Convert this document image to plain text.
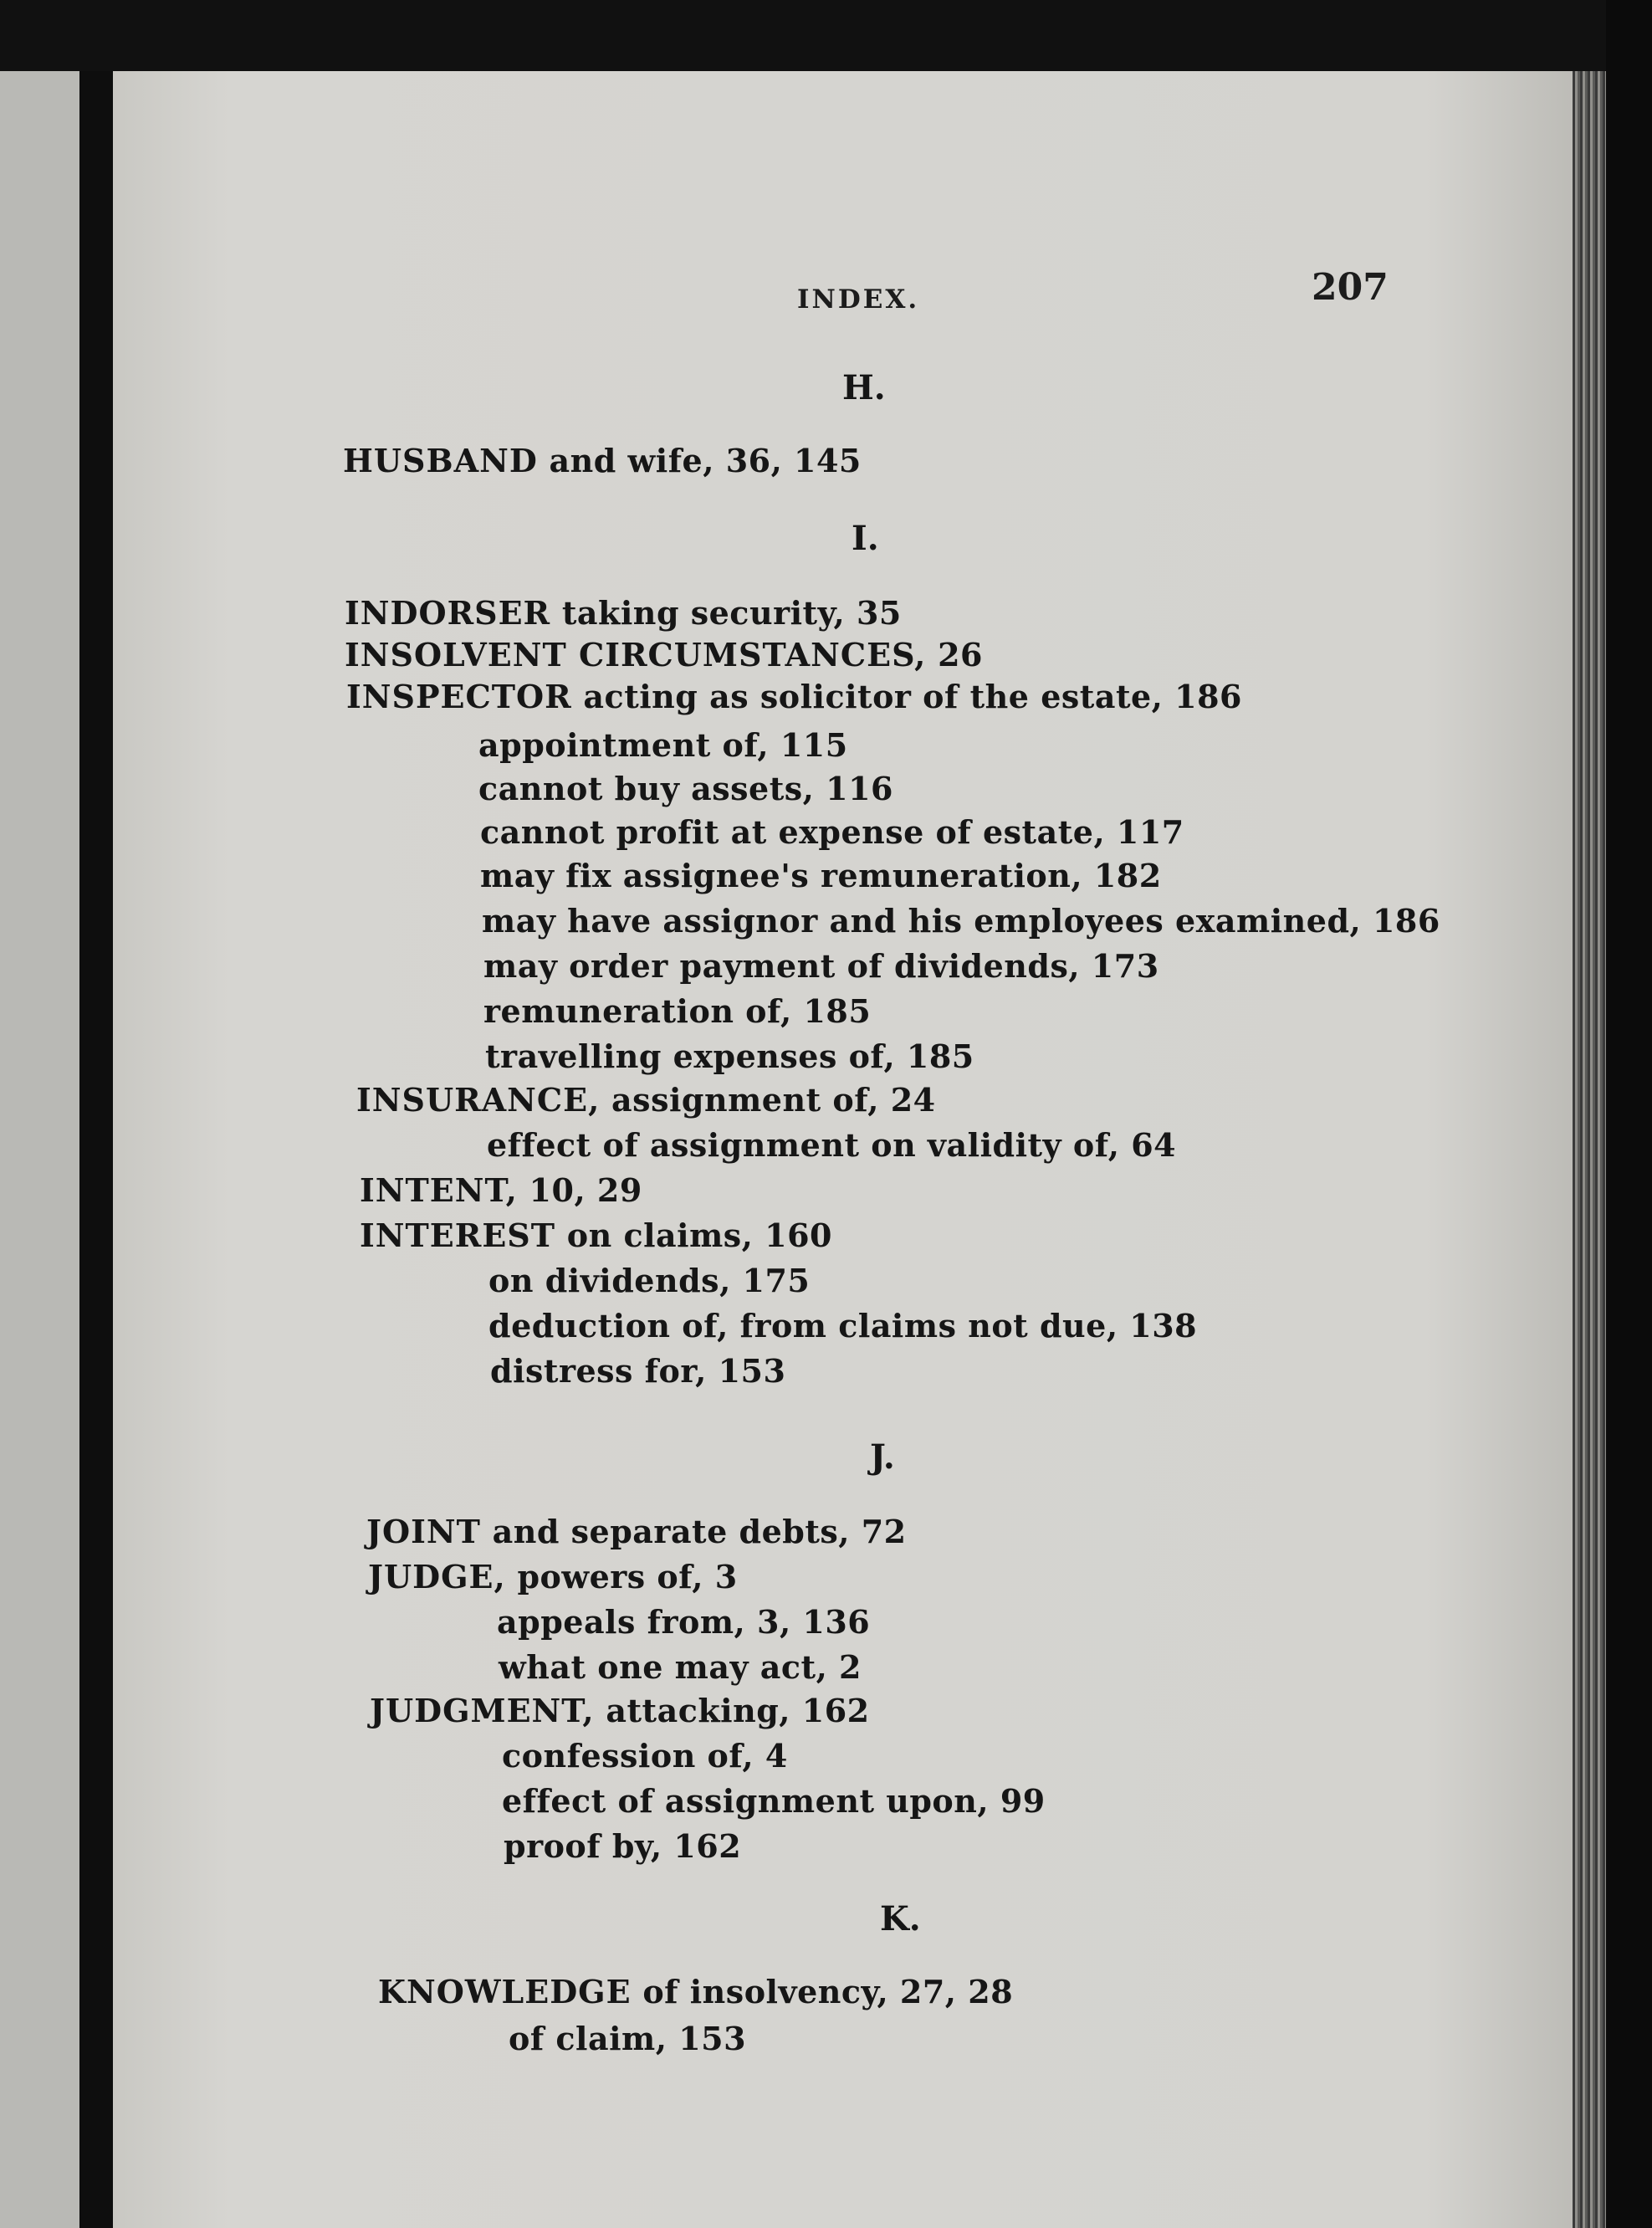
INDEX.	207
H.
HUSBAND and wife, 36, 145
I.
INDORSER taking security, 35
INSOLVENT CIRCUMSTANCES, 26
INSPECTOR acting as solicitor of the estate, 186
appointment of, 115
cannot buy assets, 116
cannot profit at expense of estate, 117
may fix assignee's remuneration, 182
may have assignor and his employees examined, 186
may order payment of dividends, 173
remuneration of, 185
travelling expenses of, 185
INSURANCE, assignment of, 24
effect of assignment on validity of, 64
INTENT, 10, 29
INTEREST on claims, 160
on dividends, 175
deduction of, from claims not due, 138
distress for, 153
J.
JOINT and separate debts, 72
JUDGE, powers of, 3
appeals from, 3, 136
what one may act, 2
JUDGMENT, attacking, 162
confession of, 4
effect of assignment upon, 99
proof by, 162
K.
KNOWLEDGE of insolvency, 27, 28
of claim, 153
